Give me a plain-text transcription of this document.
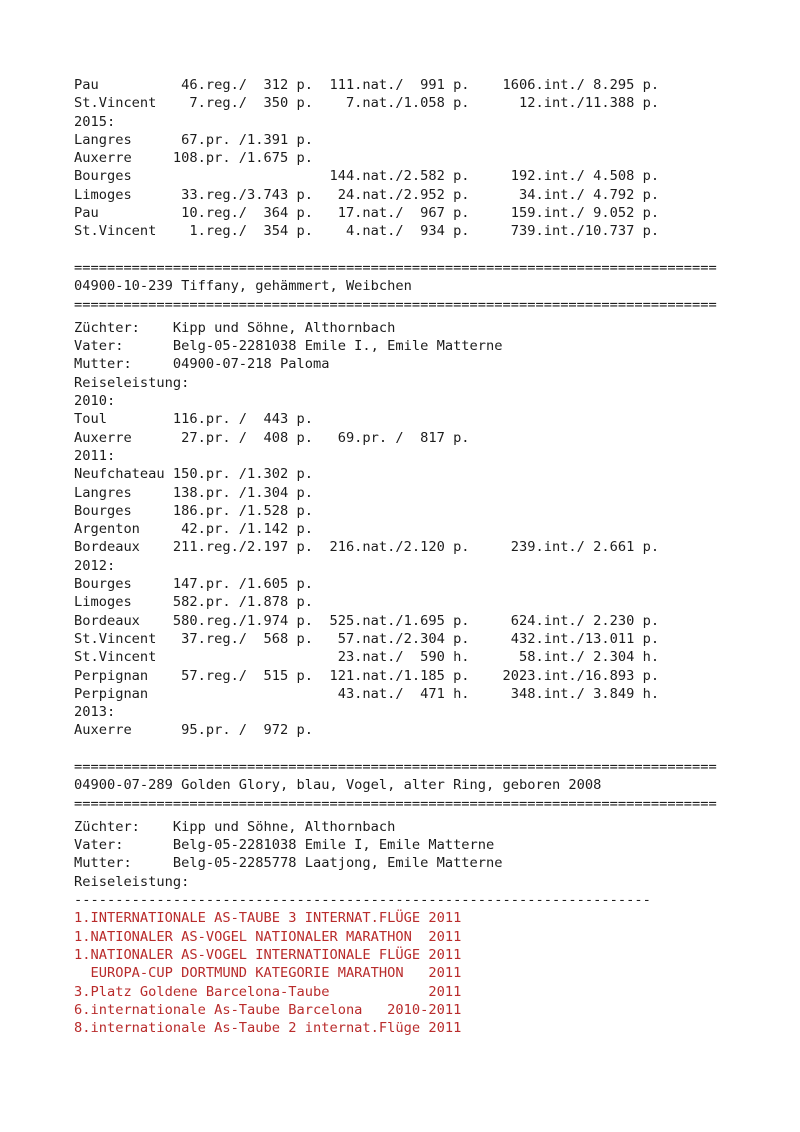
Pau          46.reg./  312 p.  111.nat./  991 p.    1606.int./ 8.295 p.
St.Vincent    7.reg./  350 p.    7.nat./1.058 p.      12.int./11.388 p.
2015:
Langres      67.pr. /1.391 p.
Auxerre     108.pr. /1.675 p.
Bourges                        144.nat./2.582 p.     192.int./ 4.508 p.
Limoges      33.reg./3.743 p.   24.nat./2.952 p.      34.int./ 4.792 p.
Pau          10.reg./  364 p.   17.nat./  967 p.     159.int./ 9.052 p.
St.Vincent    1.reg./  354 p.    4.nat./  934 p.     739.int./10.737 p.
==============================================================================
04900-10-239 Tiffany, gehämmert, Weibchen
==============================================================================
Züchter:    Kipp und Söhne, Althornbach
Vater:      Belg-05-2281038 Emile I., Emile Matterne
Mutter:     04900-07-218 Paloma
Reiseleistung:
2010:
Toul        116.pr. /  443 p.
Auxerre      27.pr. /  408 p.   69.pr. /  817 p.
2011:
Neufchateau 150.pr. /1.302 p.
Langres     138.pr. /1.304 p.
Bourges     186.pr. /1.528 p.
Argenton     42.pr. /1.142 p.
Bordeaux    211.reg./2.197 p.  216.nat./2.120 p.     239.int./ 2.661 p.
2012:
Bourges     147.pr. /1.605 p.
Limoges     582.pr. /1.878 p.
Bordeaux    580.reg./1.974 p.  525.nat./1.695 p.     624.int./ 2.230 p.
St.Vincent   37.reg./  568 p.   57.nat./2.304 p.     432.int./13.011 p.
St.Vincent                      23.nat./  590 h.      58.int./ 2.304 h.
Perpignan    57.reg./  515 p.  121.nat./1.185 p.    2023.int./16.893 p.
Perpignan                       43.nat./  471 h.     348.int./ 3.849 h.
2013:
Auxerre      95.pr. /  972 p.
==============================================================================
04900-07-289 Golden Glory, blau, Vogel, alter Ring, geboren 2008
==============================================================================
Züchter:    Kipp und Söhne, Althornbach
Vater:      Belg-05-2281038 Emile I, Emile Matterne
Mutter:     Belg-05-2285778 Laatjong, Emile Matterne
Reiseleistung:
----------------------------------------------------------------------
1.INTERNATIONALE AS-TAUBE 3 INTERNAT.FLÜGE 2011
1.NATIONALER AS-VOGEL NATIONALER MARATHON  2011
1.NATIONALER AS-VOGEL INTERNATIONALE FLÜGE 2011
EUROPA-CUP DORTMUND KATEGORIE MARATHON   2011
3.Platz Goldene Barcelona-Taube            2011
6.internationale As-Taube Barcelona   2010-2011
8.internationale As-Taube 2 internat.Flüge 2011
